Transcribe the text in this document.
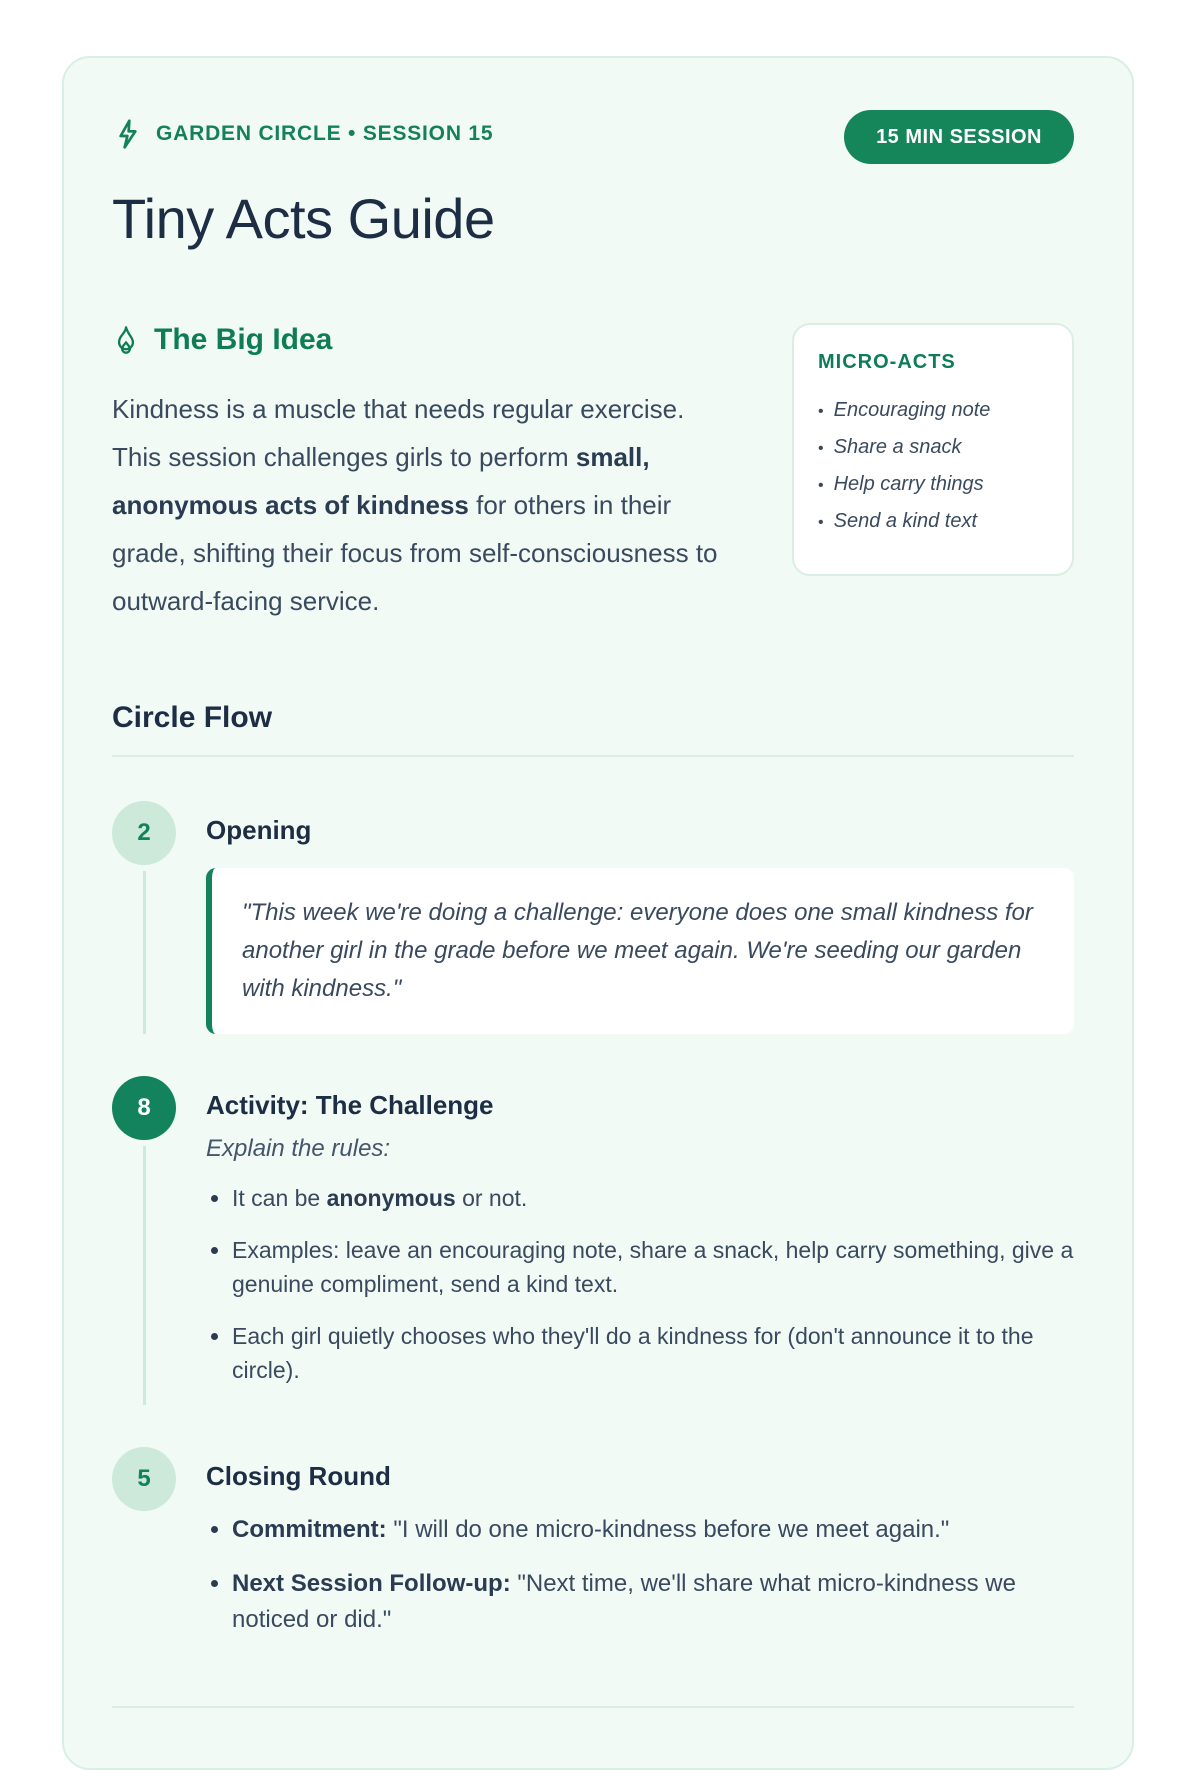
GARDEN CIRCLE • SESSION 15	15 MIN SESSION
Tiny Acts Guide
The Big Idea

Kindness is a muscle that needs regular exercise. This session challenges girls to perform small, anonymous acts of kindness for others in their grade, shifting their focus from self-consciousness to outward-facing service.

MICRO-ACTS
• Encouraging note
• Share a snack
• Help carry things
• Send a kind text
Circle Flow
2	Opening
"This week we're doing a challenge: everyone does one small kindness for another girl in the grade before we meet again. We're seeding our garden with kindness."
8	Activity: The Challenge
Explain the rules:
• It can be anonymous or not.
• Examples: leave an encouraging note, share a snack, help carry something, give a genuine compliment, send a kind text.
• Each girl quietly chooses who they'll do a kindness for (don't announce it to the circle).
5	Closing Round
• Commitment: "I will do one micro-kindness before we meet again."
• Next Session Follow-up: "Next time, we'll share what micro-kindness we noticed or did."
